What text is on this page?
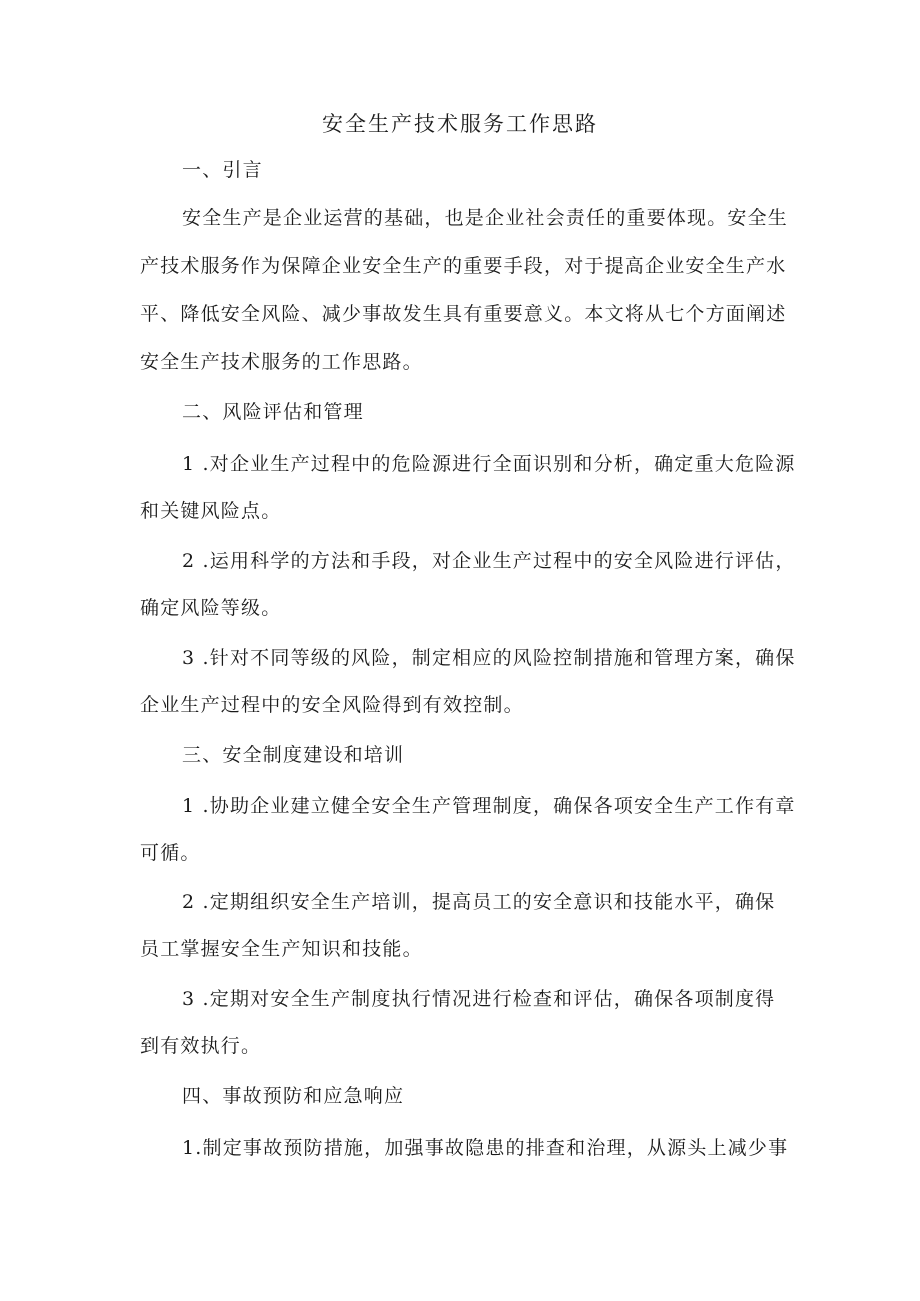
安全生产技术服务工作思路
一、引言
安全生产是企业运营的基础，也是企业社会责任的重要体现。安全生
产技术服务作为保障企业安全生产的重要手段，对于提高企业安全生产水
平、降低安全风险、减少事故发生具有重要意义。本文将从七个方面阐述
安全生产技术服务的工作思路。
二、风险评估和管理
1 .对企业生产过程中的危险源进行全面识别和分析，确定重大危险源
和关键风险点。
2 .运用科学的方法和手段，对企业生产过程中的安全风险进行评估，
确定风险等级。
3 .针对不同等级的风险，制定相应的风险控制措施和管理方案，确保
企业生产过程中的安全风险得到有效控制。
三、安全制度建设和培训
1 .协助企业建立健全安全生产管理制度，确保各项安全生产工作有章
可循。
2 .定期组织安全生产培训，提高员工的安全意识和技能水平，确保
员工掌握安全生产知识和技能。
3 .定期对安全生产制度执行情况进行检查和评估，确保各项制度得
到有效执行。
四、事故预防和应急响应
1.制定事故预防措施，加强事故隐患的排查和治理，从源头上减少事
